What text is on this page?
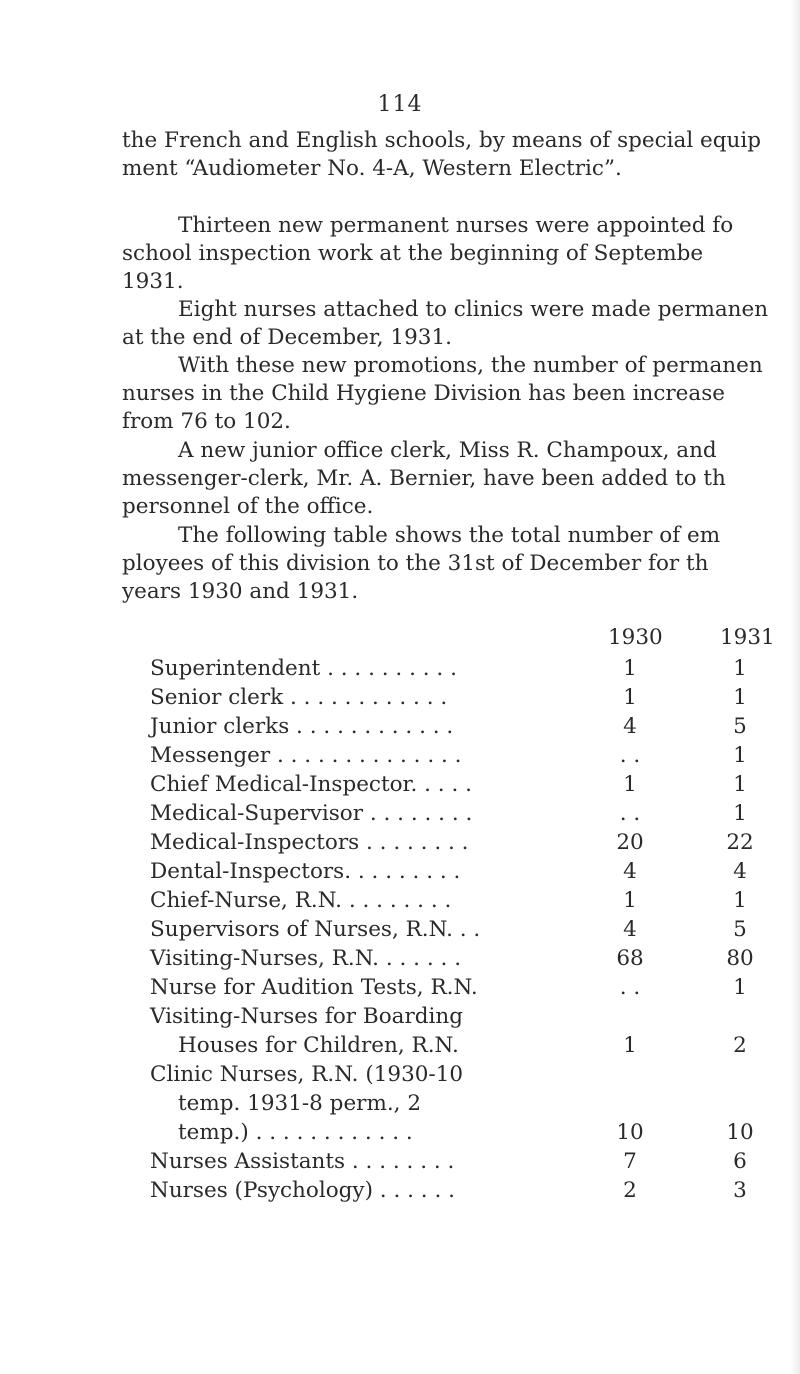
114

the French and English schools, by means of special equip
ment “Audiometer No. 4-A, Western Electric”.

Thirteen new permanent nurses were appointed fo
school inspection work at the beginning of Septembe
1931.

Eight nurses attached to clinics were made permanen
at the end of December, 1931.

With these new promotions, the number of permanen
nurses in the Child Hygiene Division has been increase
from 76 to 102.

A new junior office clerk, Miss R. Champoux, and
messenger-clerk, Mr. A. Bernier, have been added to th
personnel of the office.

The following table shows the total number of em
ployees of this division to the 31st of December for th
years 1930 and 1931.

1930	1931
Superintendent . . . . . . . . . .	1	1
Senior clerk . . . . . . . . . . . .	1	1
Junior clerks . . . . . . . . . . . .	4	5
Messenger . . . . . . . . . . . . . .	. .	1
Chief Medical-Inspector. . . . .	1	1
Medical-Supervisor . . . . . . . .	. .	1
Medical-Inspectors . . . . . . . .	20	22
Dental-Inspectors. . . . . . . . .	4	4
Chief-Nurse, R.N. . . . . . . . .	1	1
Supervisors of Nurses, R.N. . .	4	5
Visiting-Nurses, R.N. . . . . . .	68	80
Nurse for Audition Tests, R.N.	. .	1
Visiting-Nurses for Boarding
Houses for Children, R.N.	1	2
Clinic Nurses, R.N. (1930-10
temp. 1931-8 perm., 2
temp.) . . . . . . . . . . . .	10	10
Nurses Assistants . . . . . . . .	7	6
Nurses (Psychology) . . . . . .	2	3
